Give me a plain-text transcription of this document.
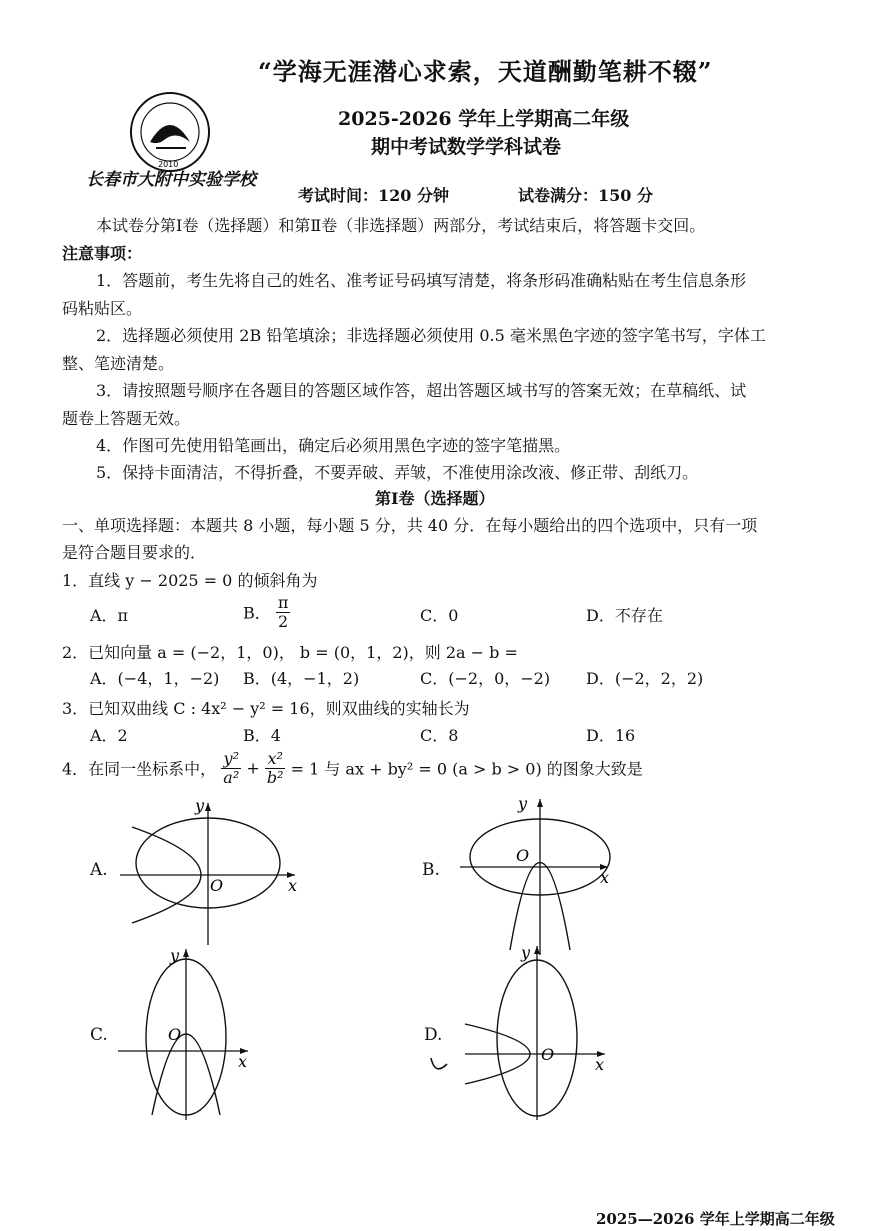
“学海无涯潜心求索，天道酬勤笔耕不辍”
2010
长春市大附中实验学校
2025-2026 学年上学期高二年级
期中考试数学学科试卷
考试时间：120 分钟	试卷满分：150 分
本试卷分第Ⅰ卷（选择题）和第Ⅱ卷（非选择题）两部分，考试结束后，将答题卡交回。
注意事项：
1．答题前，考生先将自己的姓名、准考证号码填写清楚，将条形码准确粘贴在考生信息条形
码粘贴区。
2．选择题必须使用 2B 铅笔填涂；非选择题必须使用 0.5 毫米黑色字迹的签字笔书写，字体工
整、笔迹清楚。
3．请按照题号顺序在各题目的答题区域作答，超出答题区域书写的答案无效；在草稿纸、试
题卷上答题无效。
4．作图可先使用铅笔画出，确定后必须用黑色字迹的签字笔描黑。
5．保持卡面清洁，不得折叠，不要弄破、弄皱，不准使用涂改液、修正带、刮纸刀。
第Ⅰ卷（选择题）
一、单项选择题：本题共 8 小题，每小题 5 分，共 40 分．在每小题给出的四个选项中，只有一项
是符合题目要求的．
1．直线 y − 2025 = 0 的倾斜角为
A．π	B． $\frac{\pi}{2}$	C．0	D．不存在
2．已知向量 a = (−2，1，0)， b = (0，1，2)，则 2a − b =
A．(−4，1，−2) B．(4，−1，2)	C．(−2，0，−2) D．(−2，2，2)
3．已知双曲线 C : 4x² − y² = 16，则双曲线的实轴长为
A．2	B．4	C．8	D．16
4．在同一坐标系中， $\frac{\text{y²}}{\text{a²}} + \frac{\text{x²}}{\text{b²}} = 1$ 与 ax + by² = 0 (a > b > 0) 的图象大致是
A.
O	x
y
B.
O
x
y
C.	O
x
y
D.
O
x
y
2025—2026 学年上学期高二年级
